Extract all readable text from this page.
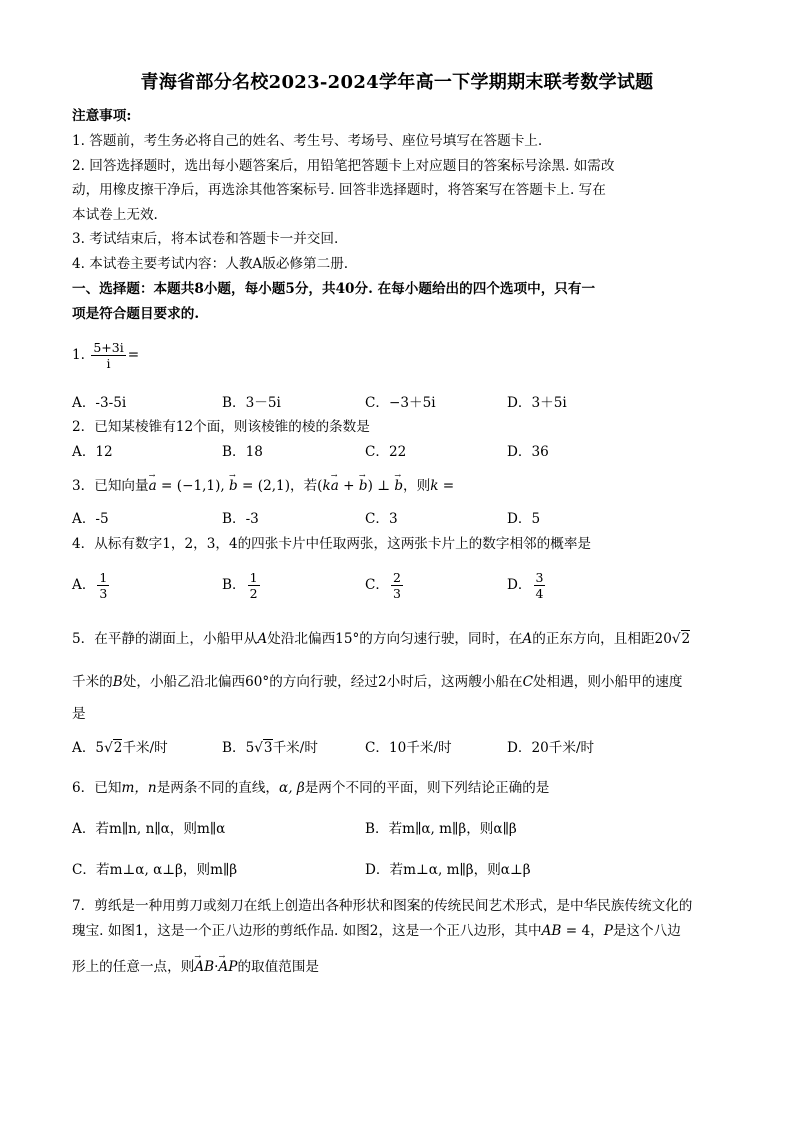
青海省部分名校2023-2024学年高一下学期期末联考数学试题
注意事项:
1. 答题前，考生务必将自己的姓名、考生号、考场号、座位号填写在答题卡上.
2. 回答选择题时，选出每小题答案后，用铅笔把答题卡上对应题目的答案标号涂黑. 如需改
动，用橡皮擦干净后，再选涂其他答案标号. 回答非选择题时，将答案写在答题卡上. 写在
本试卷上无效.
3. 考试结束后，将本试卷和答题卡一并交回.
4. 本试卷主要考试内容：人教A版必修第二册.
一、选择题：本题共8小题，每小题5分，共40分. 在每小题给出的四个选项中，只有一
项是符合题目要求的.
1. $\frac{5+3i}{i}$ =
A．-3-5i	B．3－5i	C．−3＋5i	D．3＋5i
2．已知某棱锥有12个面，则该棱锥的棱的条数是
A．12	B．18	C．22	D．36
3．已知向量→ a = (−1,1), → b = (2,1)，若(k→ a + → b) ⊥ → b，则k =
A．-5	B．-3	C．3	D．5
4．从标有数字1，2，3，4的四张卡片中任取两张，这两张卡片上的数字相邻的概率是
A． $\frac{1}{3}$	B． $\frac{1}{2}$	C． $\frac{2}{3}$	D． $\frac{3}{4}$
5．在平静的湖面上，小船甲从A处沿北偏西15°的方向匀速行驶，同时，在A的正东方向，且相距20√2
千米的B处，小船乙沿北偏西60°的方向行驶，经过2小时后，这两艘小船在C处相遇，则小船甲的速度
是
A．5√2千米/时	B．5√3千米/时	C．10千米/时	D．20千米/时
6．已知m，n是两条不同的直线，α, β是两个不同的平面，则下列结论正确的是
A．若m∥n, n∥α，则m∥α	B．若m∥α, m∥β，则α∥β
C．若m⊥α, α⊥β，则m∥β	D．若m⊥α, m∥β，则α⊥β
7．剪纸是一种用剪刀或刻刀在纸上创造出各种形状和图案的传统民间艺术形式，是中华民族传统文化的
瑰宝. 如图1，这是一个正八边形的剪纸作品. 如图2，这是一个正八边形，其中AB = 4，P是这个八边
形上的任意一点，则→ AB·→ AP的取值范围是
